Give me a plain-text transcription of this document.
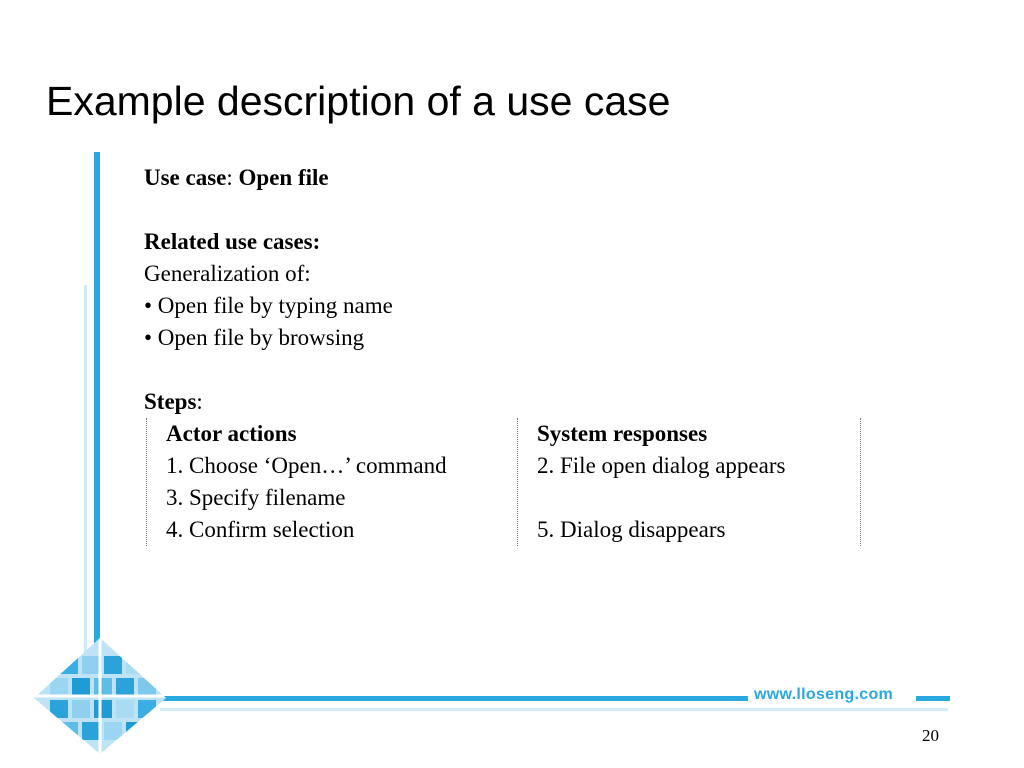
Example description of a use case
www.lloseng.com
20
Use case: Open file
Related use cases:
Generalization of:
• Open file by typing name
• Open file by browsing
Steps:
Actor actions
1. Choose ‘Open…’ command
3. Specify filename
4. Confirm selection
System responses
2. File open dialog appears
5. Dialog disappears
